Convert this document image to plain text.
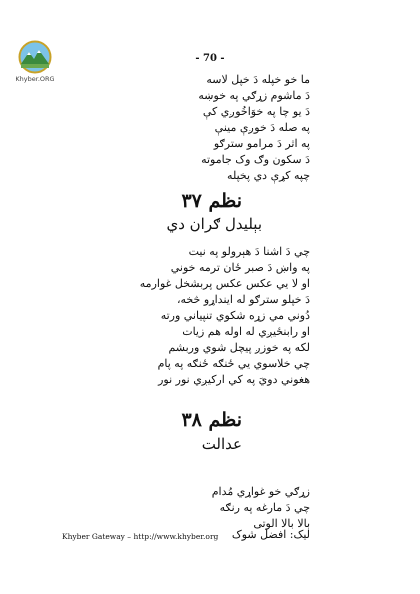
Khyber.ORG
- 70 -
ما خو خپله دَ خپل لاسه
دَ ماشوم زړګي په خوښه
دَ يو چا په خوَاخُوږي کې
په صله دَ خوږې مينې
په اثر دَ مرامو سترګو
دَ سکون وګ وک جاموته
چپه کړې دي پخپله
نظم ۳۷
بېليدل ګران دي
چي دَ اشنا دَ هېرولو په نيت
په واښ دَ صبر ځان ترمه خوني
او لا يي عکس عکس پربشخل غوارمه
دَ خپلو سترګو له اينداړو څخه،
دُوني مي زړه شکوي تنپياني ورته
او رابنځيږي له اوله هم زيات
لکه په خوزږ پيچل شوي وربشم
چي خلاسوي يي ځنګه ځنګه په پام
هغوني دويَ په کي اركيږي نور نور
نظم ۳۸
عدالت
زړګي خو غواړي مُدام
چي دَ مارغه په رنګه
بالا بالا الوتی
Khyber Gateway – http://www.khyber.org ليک: افضل شوک
